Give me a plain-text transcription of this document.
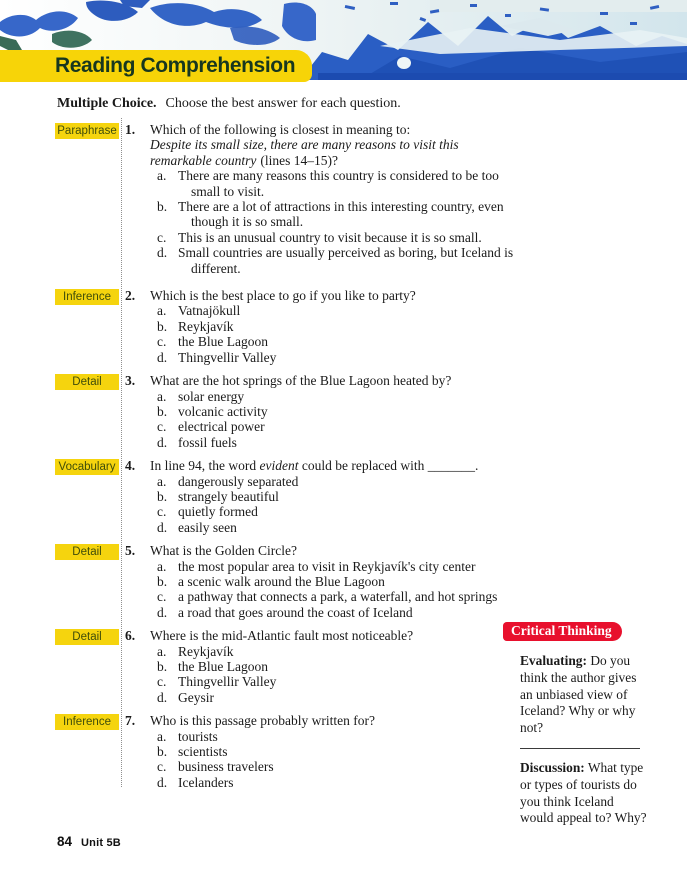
Reading Comprehension
Multiple Choice. Choose the best answer for each question.
Paraphrase 1. Which of the following is closest in meaning to:
Despite its small size, there are many reasons to visit this remarkable country (lines 14–15)?
a. There are many reasons this country is considered to be too small to visit.
b. There are a lot of attractions in this interesting country, even though it is so small.
c. This is an unusual country to visit because it is so small.
d. Small countries are usually perceived as boring, but Iceland is different.
Inference	2. Which is the best place to go if you like to party?
a. Vatnajökull
b. Reykjavík
c. the Blue Lagoon
d. Thingvellir Valley
Detail	3. What are the hot springs of the Blue Lagoon heated by?
a. solar energy
b. volcanic activity
c. electrical power
d. fossil fuels
Vocabulary 4. In line 94, the word evident could be replaced with _______.
a. dangerously separated
b. strangely beautiful
c. quietly formed
d. easily seen
Detail	5. What is the Golden Circle?
a. the most popular area to visit in Reykjavík's city center
b. a scenic walk around the Blue Lagoon
c. a pathway that connects a park, a waterfall, and hot springs
d. a road that goes around the coast of Iceland
Detail	6. Where is the mid-Atlantic fault most noticeable?
a. Reykjavík
b. the Blue Lagoon
c. Thingvellir Valley
d. Geysir
Inference	7. Who is this passage probably written for?
a. tourists
b. scientists
c. business travelers
d. Icelanders
Critical Thinking

Evaluating: Do you think the author gives an unbiased view of Iceland? Why or why not?

Discussion: What type or types of tourists do you think Iceland would appeal to? Why?

84 Unit 5B
